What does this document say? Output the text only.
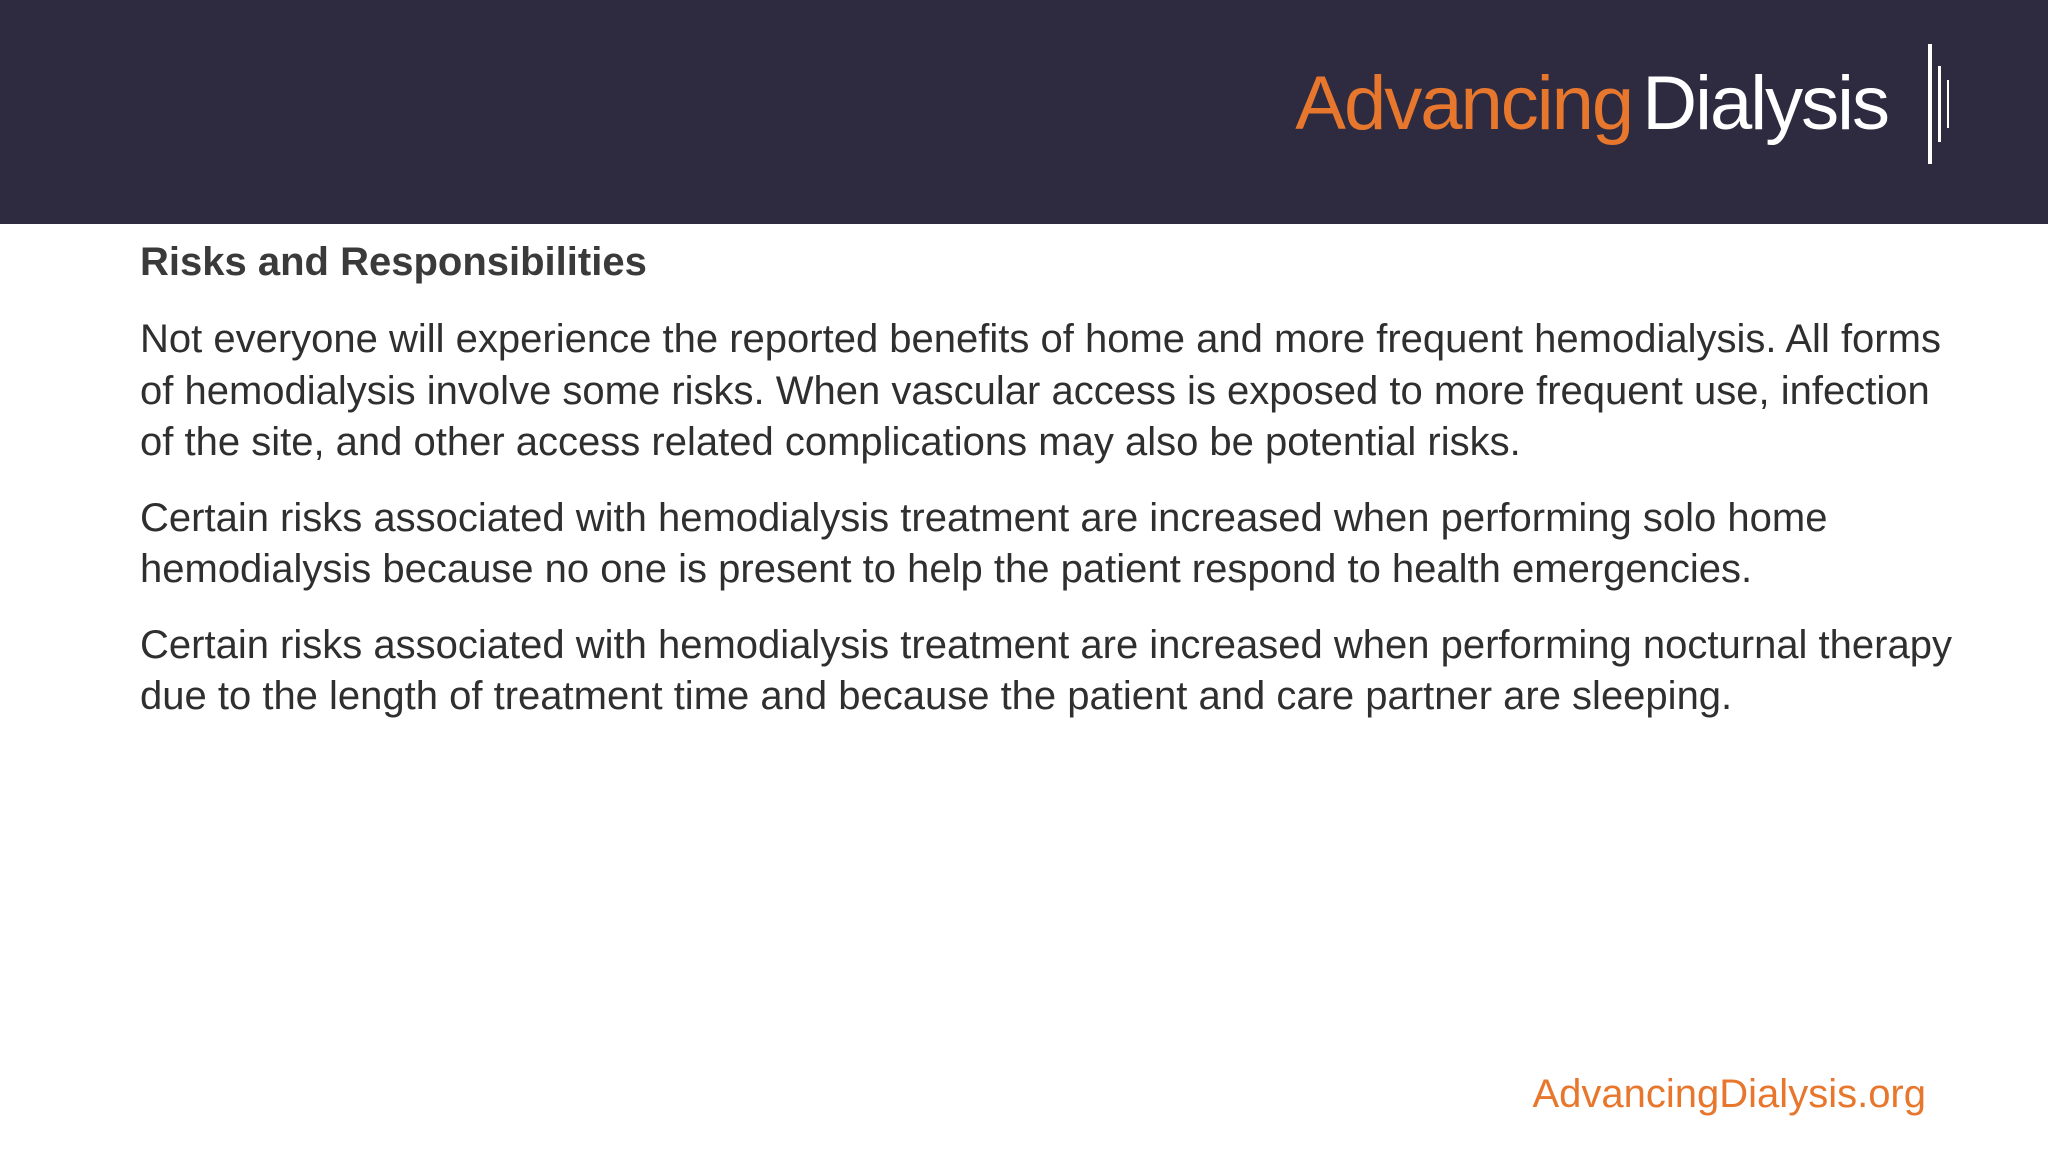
Advancing Dialysis
Risks and Responsibilities

Not everyone will experience the reported benefits of home and more frequent hemodialysis. All forms of hemodialysis involve some risks. When vascular access is exposed to more frequent use, infection of the site, and other access related complications may also be potential risks.

Certain risks associated with hemodialysis treatment are increased when performing solo home hemodialysis because no one is present to help the patient respond to health emergencies.

Certain risks associated with hemodialysis treatment are increased when performing nocturnal therapy due to the length of treatment time and because the patient and care partner are sleeping.

AdvancingDialysis.org
